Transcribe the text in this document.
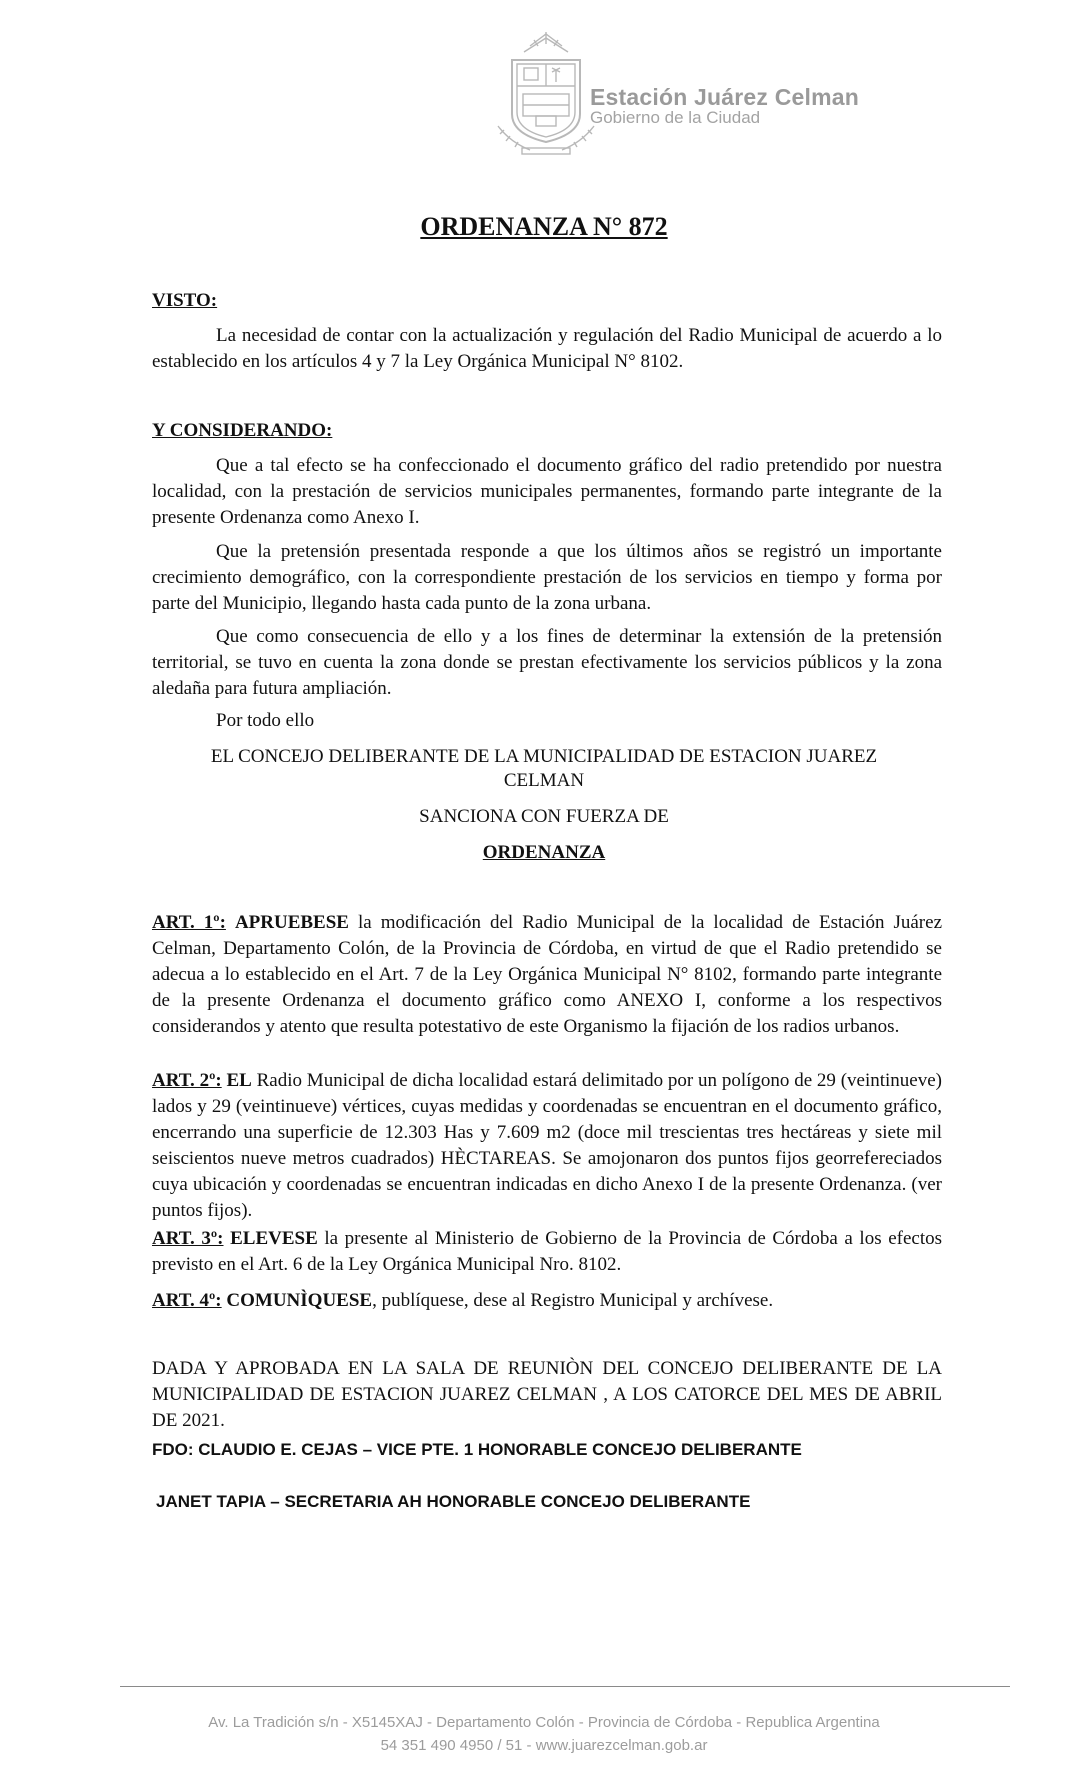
Estación Juárez Celman
Gobierno de la Ciudad
ORDENANZA N° 872
VISTO:

La necesidad de contar con la actualización y regulación del Radio Municipal de acuerdo a lo establecido en los artículos 4 y 7 la Ley Orgánica Municipal N° 8102.

Y CONSIDERANDO:

Que a tal efecto se ha confeccionado el documento gráfico del radio pretendido por nuestra localidad, con la prestación de servicios municipales permanentes, formando parte integrante de la presente Ordenanza como Anexo I.

Que la pretensión presentada responde a que los últimos años se registró un importante crecimiento demográfico, con la correspondiente prestación de los servicios en tiempo y forma por parte del Municipio, llegando hasta cada punto de la zona urbana.

Que como consecuencia de ello y a los fines de determinar la extensión de la pretensión territorial, se tuvo en cuenta la zona donde se prestan efectivamente los servicios públicos y la zona aledaña para futura ampliación.

Por todo ello
EL CONCEJO DELIBERANTE DE LA MUNICIPALIDAD DE ESTACION JUAREZ
CELMAN
SANCIONA CON FUERZA DE
ORDENANZA

ART. 1º: APRUEBESE la modificación del Radio Municipal de la localidad de Estación Juárez Celman, Departamento Colón, de la Provincia de Córdoba, en virtud de que el Radio pretendido se adecua a lo establecido en el Art. 7 de la Ley Orgánica Municipal N° 8102, formando parte integrante de la presente Ordenanza el documento gráfico como ANEXO I, conforme a los respectivos considerandos y atento que resulta potestativo de este Organismo la fijación de los radios urbanos.

ART. 2º: EL Radio Municipal de dicha localidad estará delimitado por un polígono de 29 (veintinueve) lados y 29 (veintinueve) vértices, cuyas medidas y coordenadas se encuentran en el documento gráfico, encerrando una superficie de 12.303 Has y 7.609 m2 (doce mil trescientas tres hectáreas y siete mil seiscientos nueve metros cuadrados) HÈCTAREAS. Se amojonaron dos puntos fijos georrefereciados cuya ubicación y coordenadas se encuentran indicadas en dicho Anexo I de la presente Ordenanza. (ver puntos fijos).

ART. 3º: ELEVESE la presente al Ministerio de Gobierno de la Provincia de Córdoba a los efectos previsto en el Art. 6 de la Ley Orgánica Municipal Nro. 8102.

ART. 4º: COMUNÌQUESE, publíquese, dese al Registro Municipal y archívese.

DADA Y APROBADA EN LA SALA DE REUNIÒN DEL CONCEJO DELIBERANTE DE LA MUNICIPALIDAD DE ESTACION JUAREZ CELMAN , A LOS CATORCE DEL MES DE ABRIL DE 2021.

FDO: CLAUDIO E. CEJAS – VICE PTE. 1 HONORABLE CONCEJO DELIBERANTE
JANET TAPIA – SECRETARIA AH HONORABLE CONCEJO DELIBERANTE
Av. La Tradición s/n - X5145XAJ - Departamento Colón - Provincia de Córdoba - Republica Argentina
54 351 490 4950 / 51 - www.juarezcelman.gob.ar
